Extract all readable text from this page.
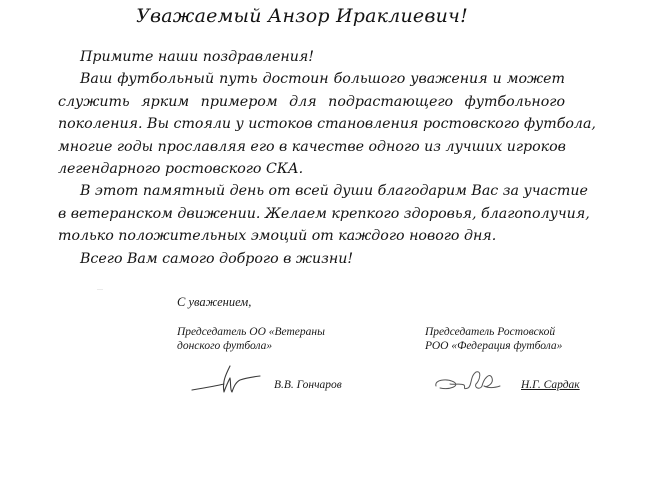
Уважаемый Анзор Ираклиевич!
Примите наши поздравления!
Ваш футбольный путь достоин большого уважения и может
служить ярким примером для подрастающего футбольного
поколения. Вы стояли у истоков становления ростовского футбола,
многие годы прославляя его в качестве одного из лучших игроков
легендарного ростовского СКА.
В этот памятный день от всей души благодарим Вас за участие
в ветеранском движении. Желаем крепкого здоровья, благополучия,
только положительных эмоций от каждого нового дня.
Всего Вам самого доброго в жизни!
С уважением,
Председатель ОО «Ветераны
донского футбола»
Председатель Ростовской
РОО «Федерация футбола»
В.В. Гончаров	Н.Г. Сардак
